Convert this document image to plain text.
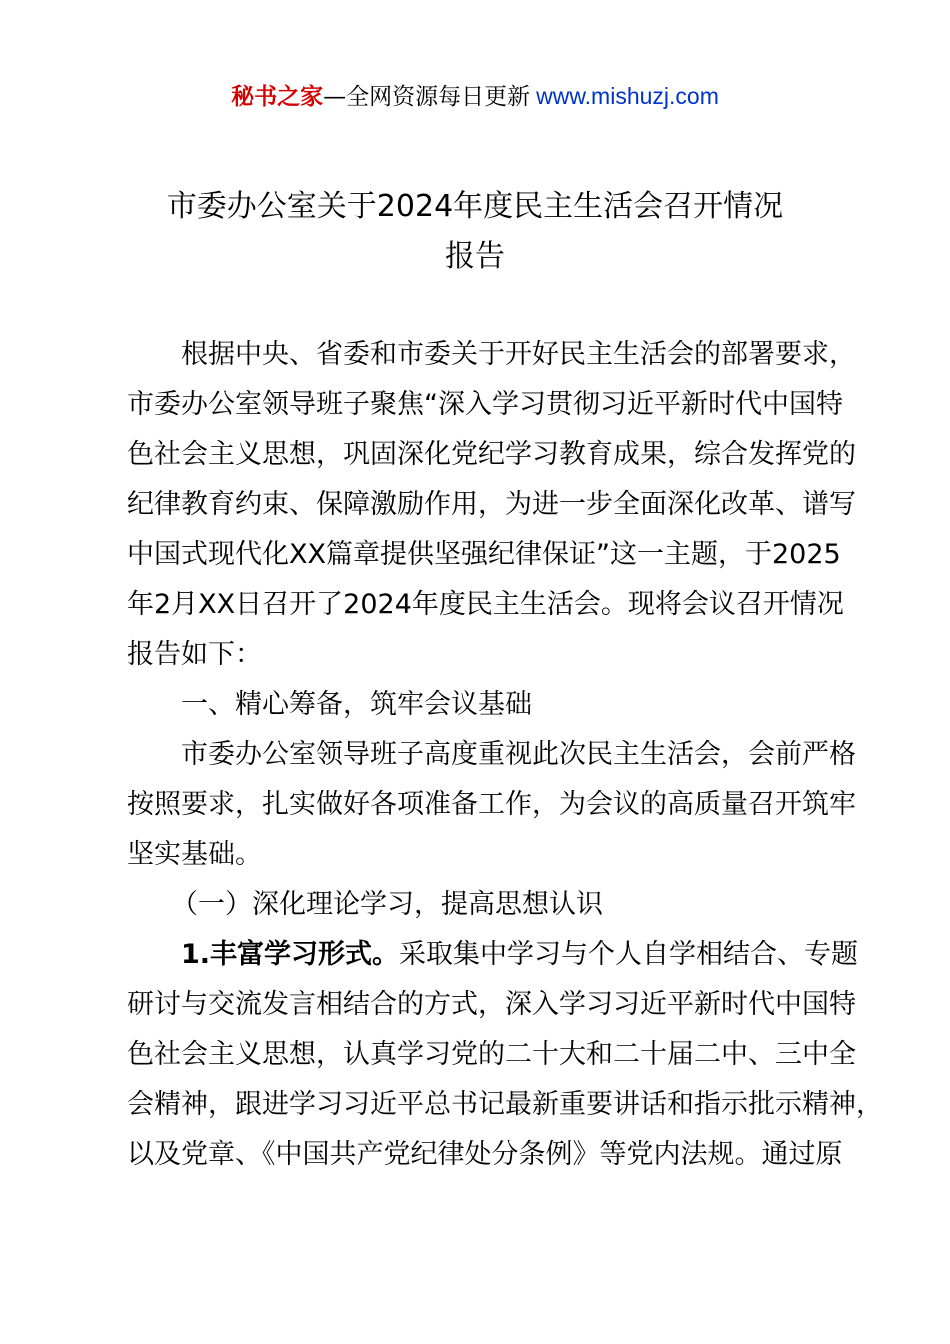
秘书之家—全网资源每日更新 www.mishuzj.com
市委办公室关于2024年度民主生活会召开情况
报告
根据中央、省委和市委关于开好民主生活会的部署要求，
市委办公室领导班子聚焦“深入学习贯彻习近平新时代中国特
色社会主义思想，巩固深化党纪学习教育成果，综合发挥党的
纪律教育约束、保障激励作用，为进一步全面深化改革、谱写
中国式现代化XX篇章提供坚强纪律保证”这一主题，于2025
年2月XX日召开了2024年度民主生活会。现将会议召开情况
报告如下：
一、精心筹备，筑牢会议基础
市委办公室领导班子高度重视此次民主生活会，会前严格
按照要求，扎实做好各项准备工作，为会议的高质量召开筑牢
坚实基础。
（一）深化理论学习，提高思想认识
1.丰富学习形式。采取集中学习与个人自学相结合、专题
研讨与交流发言相结合的方式，深入学习习近平新时代中国特
色社会主义思想，认真学习党的二十大和二十届二中、三中全
会精神，跟进学习习近平总书记最新重要讲话和指示批示精神，
以及党章、《中国共产党纪律处分条例》等党内法规。通过原
